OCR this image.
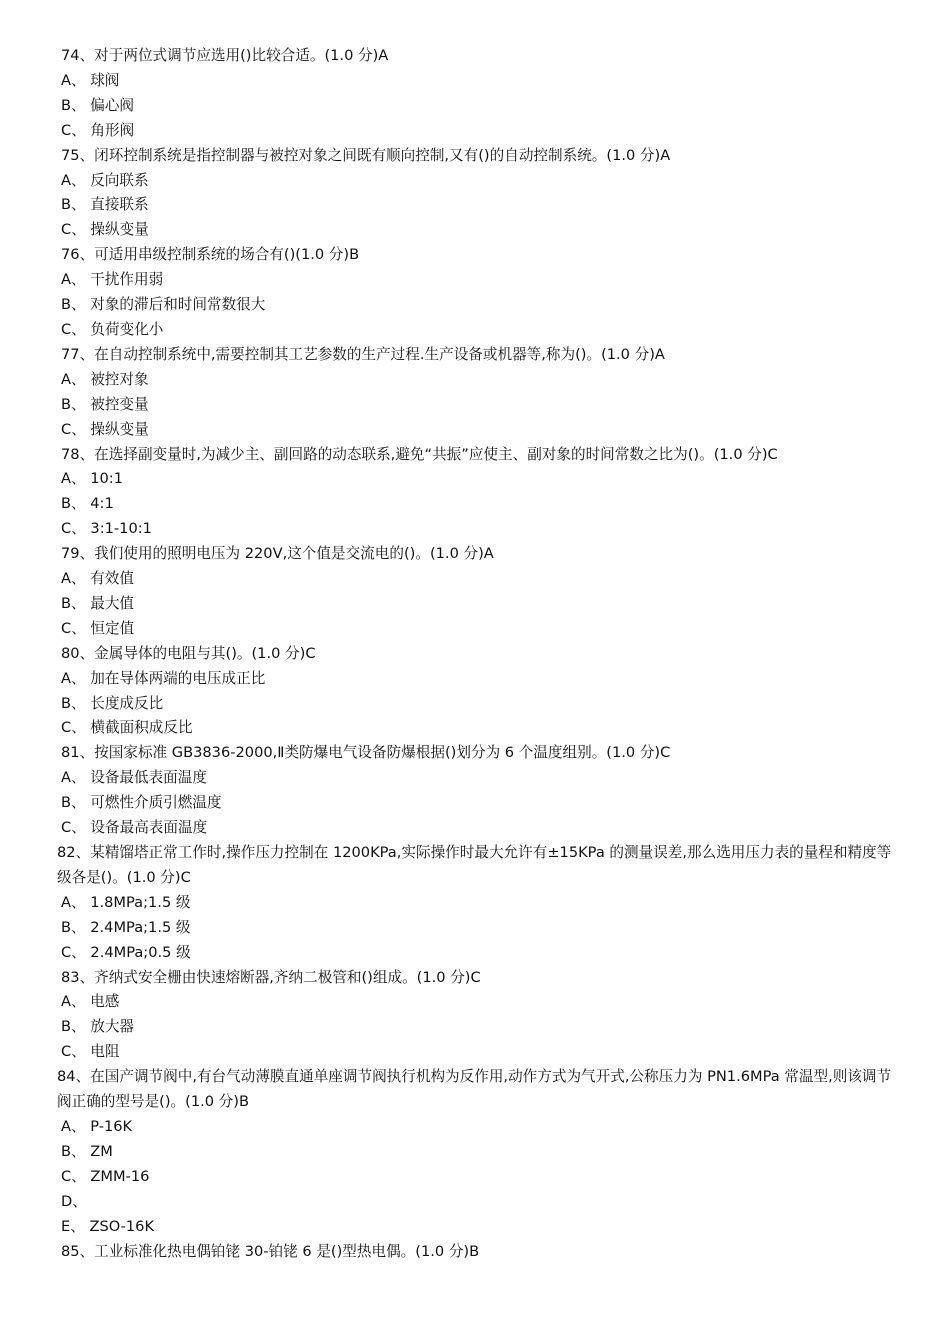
74、对于两位式调节应选用()比较合适。(1.0 分)A
A、 球阀
B、 偏心阀
C、 角形阀
75、闭环控制系统是指控制器与被控对象之间既有顺向控制,又有()的自动控制系统。(1.0 分)A
A、 反向联系
B、 直接联系
C、 操纵变量
76、可适用串级控制系统的场合有()(1.0 分)B
A、 干扰作用弱
B、 对象的滞后和时间常数很大
C、 负荷变化小
77、在自动控制系统中,需要控制其工艺参数的生产过程.生产设备或机器等,称为()。(1.0 分)A
A、 被控对象
B、 被控变量
C、 操纵变量
78、在选择副变量时,为减少主、副回路的动态联系,避免“共振”应使主、副对象的时间常数之比为()。(1.0 分)C
A、 10:1
B、 4:1
C、 3:1-10:1
79、我们使用的照明电压为 220V,这个值是交流电的()。(1.0 分)A
A、 有效值
B、 最大值
C、 恒定值
80、金属导体的电阻与其()。(1.0 分)C
A、 加在导体两端的电压成正比
B、 长度成反比
C、 横截面积成反比
81、按国家标准 GB3836-2000,Ⅱ类防爆电气设备防爆根据()划分为 6 个温度组别。(1.0 分)C
A、 设备最低表面温度
B、 可燃性介质引燃温度
C、 设备最高表面温度
82、某精馏塔正常工作时,操作压力控制在 1200KPa,实际操作时最大允许有±15KPa 的测量误差,那么选用压力表的量程和精度等级各是()。(1.0 分)C
A、 1.8MPa;1.5 级
B、 2.4MPa;1.5 级
C、 2.4MPa;0.5 级
83、齐纳式安全栅由快速熔断器,齐纳二极管和()组成。(1.0 分)C
A、 电感
B、 放大器
C、 电阻
84、在国产调节阀中,有台气动薄膜直通单座调节阀执行机构为反作用,动作方式为气开式,公称压力为 PN1.6MPa 常温型,则该调节阀正确的型号是()。(1.0 分)B
A、 P-16K
B、 ZM
C、 ZMM-16
D、
E、 ZSO-16K
85、工业标准化热电偶铂铑 30-铂铑 6 是()型热电偶。(1.0 分)B
